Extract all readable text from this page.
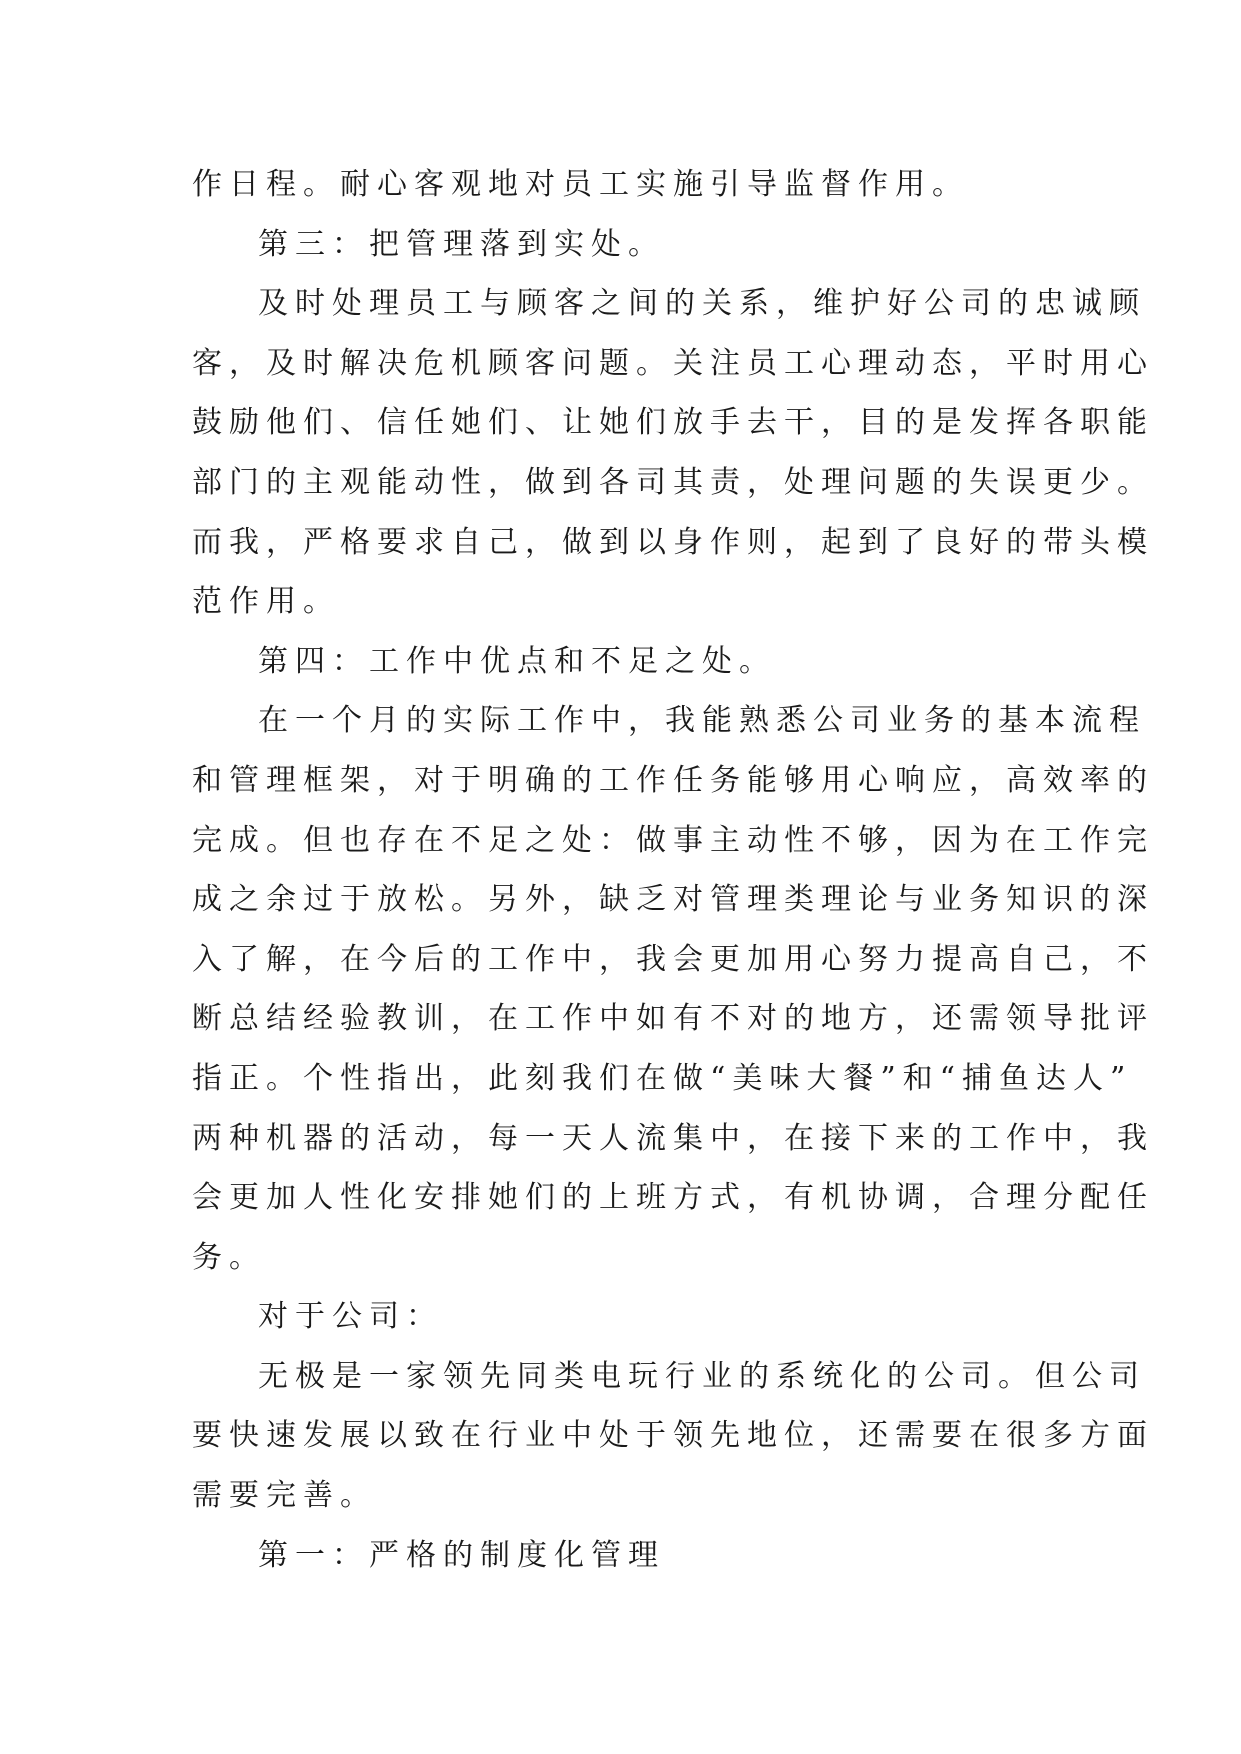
作日程。耐心客观地对员工实施引导监督作用。
第三：把管理落到实处。
及时处理员工与顾客之间的关系，维护好公司的忠诚顾
客，及时解决危机顾客问题。关注员工心理动态，平时用心
鼓励他们、信任她们、让她们放手去干，目的是发挥各职能
部门的主观能动性，做到各司其责，处理问题的失误更少。
而我，严格要求自己，做到以身作则，起到了良好的带头模
范作用。
第四：工作中优点和不足之处。
在一个月的实际工作中，我能熟悉公司业务的基本流程
和管理框架，对于明确的工作任务能够用心响应，高效率的
完成。但也存在不足之处：做事主动性不够，因为在工作完
成之余过于放松。另外，缺乏对管理类理论与业务知识的深
入了解，在今后的工作中，我会更加用心努力提高自己，不
断总结经验教训，在工作中如有不对的地方，还需领导批评
指正。个性指出，此刻我们在做“美味大餐”和“捕鱼达人”
两种机器的活动，每一天人流集中，在接下来的工作中，我
会更加人性化安排她们的上班方式，有机协调，合理分配任
务。
对于公司：
无极是一家领先同类电玩行业的系统化的公司。但公司
要快速发展以致在行业中处于领先地位，还需要在很多方面
需要完善。
第一：严格的制度化管理
